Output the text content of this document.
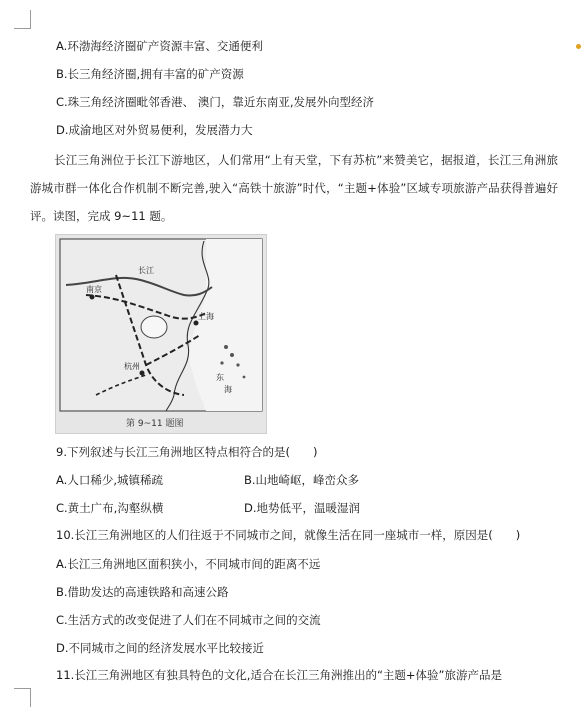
A.环渤海经济圈矿产资源丰富、交通便利
B.长三角经济圈,拥有丰富的矿产资源
C.珠三角经济圈毗邻香港、 澳门，靠近东南亚,发展外向型经济
D.成渝地区对外贸易便利，发展潜力大
长江三角洲位于长江下游地区，人们常用“上有天堂，下有苏杭”来赞美它，据报道，长江三角洲旅游城市群一体化合作机制不断完善,驶入“高铁十旅游”时代，“主题+体验”区域专项旅游产品获得普遍好评。读图，完成 9~11 题。
南京
长江
上海
杭州
东
海
第 9~11 题图
9.下列叙述与长江三角洲地区特点相符合的是(　　)
A.人口稀少,城镇稀疏	B.山地崎岖，峰峦众多
C.黄土广布,沟壑纵横	D.地势低平，温暖湿润
10.长江三角洲地区的人们往返于不同城市之间，就像生活在同一座城市一样，原因是(　　)
A.长江三角洲地区面积狭小，不同城市间的距离不远
B.借助发达的高速铁路和高速公路
C.生活方式的改变促进了人们在不同城市之间的交流
D.不同城市之间的经济发展水平比较接近
11.长江三角洲地区有独具特色的文化,适合在长江三角洲推出的“主题+体验”旅游产品是
